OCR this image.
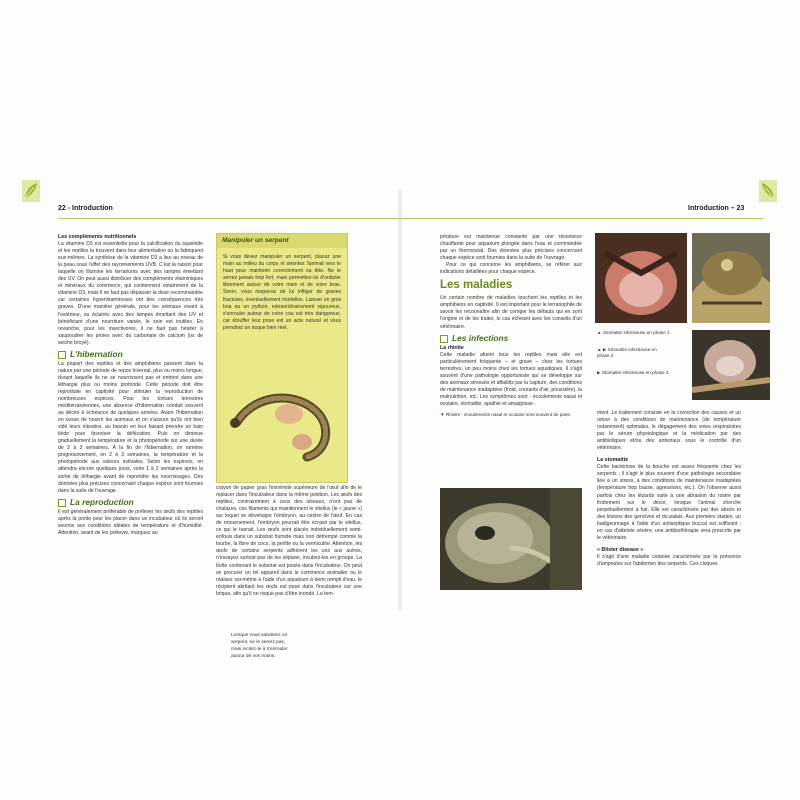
22 - Introduction	Introduction – 23
Les compléments nutritionnels

La vitamine D3 est essentielle pour la calcification du squelette et les reptiles la trouvent dans leur alimentation ou la fabriquent eux-mêmes. La synthèse de la vitamine D3 a lieu au niveau de la peau sous l'effet des rayonnements UVB. C'est la raison pour laquelle on illumine les terrariums avec des lampes émettant des UV. On peut aussi distribuer des compléments vitaminiques et minéraux du commerce, qui contiennent notamment de la vitamine D3, mais il ne faut pas dépasser la dose recommandée car certaines hypervitaminoses ont des conséquences très graves. D'une manière générale, pour les animaux vivant à l'extérieur, ou éclairés avec des lampes émettant des UV et bénéficiant d'une nourriture variée, le soin est inutiles. En revanche, pour les insectivores, il ne faut pas hésiter à saupoudrer les proies avec du carbonate de calcium (os de seiche broyé).

L'hibernation

La plupart des reptiles et des amphibiens passent dans la nature par une période de repos hivernal, plus ou moins longue, durant laquelle ils ne se nourrissent pas et entrent dans une léthargie plus ou moins profonde. Cette période doit être reproduite en captivité pour stimuler la reproduction de nombreuses espèces. Pour les tortues terrestres méditerranéennes, une absence d'hibernation conduit souvent au décès à échéance de quelques années. Avant l'hibernation on cesse de nourrir les animaux et on s'assure qu'ils ont bien vidé leurs intestins, au besoin en leur faisant prendre un bain tiède pour favoriser la défécation. Puis on diminue graduellement la température et la photopériode sur une durée de 2 à 3 semaines. À la fin de l'hibernation, on ramène progressivement, en 2 à 3 semaines, la température et la photopériode aux valeurs estivales. Selon les espèces, on attendra encore quelques jours, voire 1 à 2 semaines après la sortie de léthargie avant de reprendre les nourrissages. Des données plus précises concernant chaque espèce sont fournies dans la suite de l'ouvrage.

La reproduction

Il est généralement préférable de prélever les œufs des reptiles après la ponte pour les placer dans un incubateur où ils seront soumis aux conditions idéales de température et d'humidité. Attention, avant de les prélever, marquez au

Manipuler un serpent
Si vous devez manipuler un serpent, placez une main au milieu du corps et orientez l'animal vers le haut pour maintenir correctement sa tête. Ne le serrez jamais trop fort, mais permettez-lui d'onduler librement autour de votre main et de votre bras. Sinon, vous risquerez de lui infliger de graves fractures, éventuellement mortelles. Laisser un gros boa ou un python, extraordinairement vigoureux, s'enrouler autour de votre cou est très dangereux, car étouffer leur proie est un acte naturel et vous prendrez un risque bien réel.
Lorsque vous saisissez un serpent, ne le serrez pas, mais incitez-le à s'enrouler autour de vos mains.

crayon de papier gras l'extrémité supérieure de l'œuf afin de le replacer dans l'incubateur dans la même position. Les œufs des reptiles, contrairement à ceux des oiseaux, n'ont pas de chalazes, ces filaments qui maintiennent le vitellus (le « jaune ») sur lequel se développe l'embryon, au centre de l'œuf. En cas de retournement, l'embryon pourrait être écrasé par le vitellus, ce qui le tuerait. Les œufs sont placés individuellement semi-enfouis dans un substrat humide mais non détrempé comme la tourbe, la fibre de coco, la perlite ou la vermiculite. Attention, les œufs de certains serpents adhèrent les uns aux autres, n'essayez surtout pas de les séparer, incubez-les en groupe. La boîte contenant le substrat est posée dans l'incubateur. On peut se procurer un tel appareil dans le commerce animalier ou le réaliser soi-même à l'aide d'un aquarium à demi rempli d'eau, le récipient abritant les œufs est posé dans l'incubateur sur une brique, afin qu'il ne risque pas d'être inondé. La tem-

pérature est maintenue constante par une résistance chauffante pour aquarium plongée dans l'eau et commandée par un thermostat. Des données plus précises concernant chaque espèce sont fournies dans la suite de l'ouvrage.

Pour ce qui concerne les amphibiens, se référer aux indications détaillées pour chaque espèce.

Les maladies

Un certain nombre de maladies touchent les reptiles et les amphibiens en captivité. Il est important pour le terrariophile de savoir les reconnaître afin de corriger les défauts qui en sont l'origine et de les traiter, le cas échéant avec les conseils d'un vétérinaire.

Les infections
La rhinite

Cette maladie atteint tous les reptiles mais elle est particulièrement fréquente – et grave – chez les tortues terrestres, un peu moins chez les tortues aquatiques. Il s'agit souvent d'une pathologie opportuniste qui se développe sur des animaux stressés et affaiblis par la capture, des conditions de maintenance inadaptées (froid, courants d'air, poussière), la malnutrition, etc. Les symptômes sont : écoulements nasal et oculaire, stomatite, apathie et amaigrisse-

▼ Rhinite : écoulements nasal et oculaire sont souvent de paire.
▲ Stomatite infectieuse en phase 1.
▲ ▶ Stomatite infectieuse en phase 2.
▶ Stomatite infectieuse en phase 3.

ment. Le traitement consiste en la correction des causes et un retour à des conditions de maintenance (de température notamment) optimales, le dégagement des voies respiratoires par le sérum physiologique et la médication par des antibiotiques et/ou des antiviraux sous le contrôle d'un vétérinaire.

La stomatite

Cette bactériose de la bouche est assez fréquente chez les serpents ; il s'agit le plus souvent d'une pathologie secondaire liée à un stress, à des conditions de maintenance inadaptées (température trop basse, agressions, etc.). On l'observe aussi parfois chez les lézards suite à une abrasion du rostre par frottement sur le décor, lorsque l'animal cherche perpétuellement à fuir. Elle est caractérisée par des abcès et des lésions des gencives et du palais. Aux premiers stades, un badigeonnage à l'aide d'un antiseptique buccal est suffisant ; en cas d'atteinte sévère, une antibiothérapie sera prescrite par le vétérinaire.

« Blister disease »

Il s'agit d'une maladie cutanée caractérisée par la présence d'ampoules sur l'abdomen des serpents. Ces cloques
